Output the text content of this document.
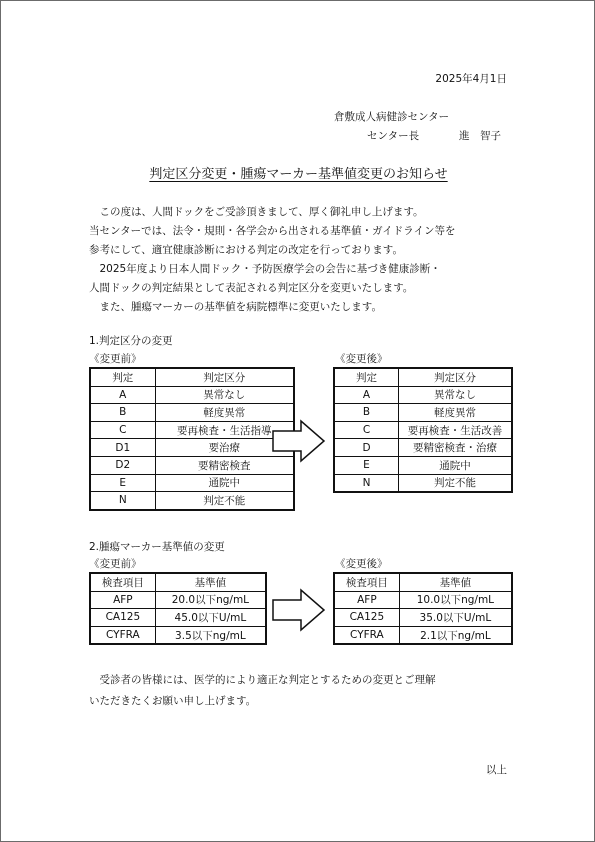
2025年4月1日
倉敷成人病健診センター
センター長	進　智子
判定区分変更・腫瘍マーカー基準値変更のお知らせ
　この度は、人間ドックをご受診頂きまして、厚く御礼申し上げます。
当センターでは、法令・規則・各学会から出される基準値・ガイドライン等を
参考にして、適宜健康診断における判定の改定を行っております。
　2025年度より日本人間ドック・予防医療学会の会告に基づき健康診断・
人間ドックの判定結果として表記される判定区分を変更いたします。
　また、腫瘍マーカーの基準値を病院標準に変更いたします。
1.判定区分の変更
《変更前》	《変更後》
判定	判定区分
A	異常なし
B	軽度異常
C	要再検査・生活指導
D1	要治療
D2	要精密検査
E	通院中
N	判定不能
判定	判定区分
A	異常なし
B	軽度異常
C	要再検査・生活改善
D	要精密検査・治療
E	通院中
N	判定不能
2.腫瘍マーカー基準値の変更
《変更前》	《変更後》
検査項目	基準値
AFP	20.0以下ng/mL
CA125	45.0以下U/mL
CYFRA	3.5以下ng/mL
検査項目	基準値
AFP	10.0以下ng/mL
CA125	35.0以下U/mL
CYFRA	2.1以下ng/mL
　受診者の皆様には、医学的により適正な判定とするための変更とご理解
いただきたくお願い申し上げます。
以上
